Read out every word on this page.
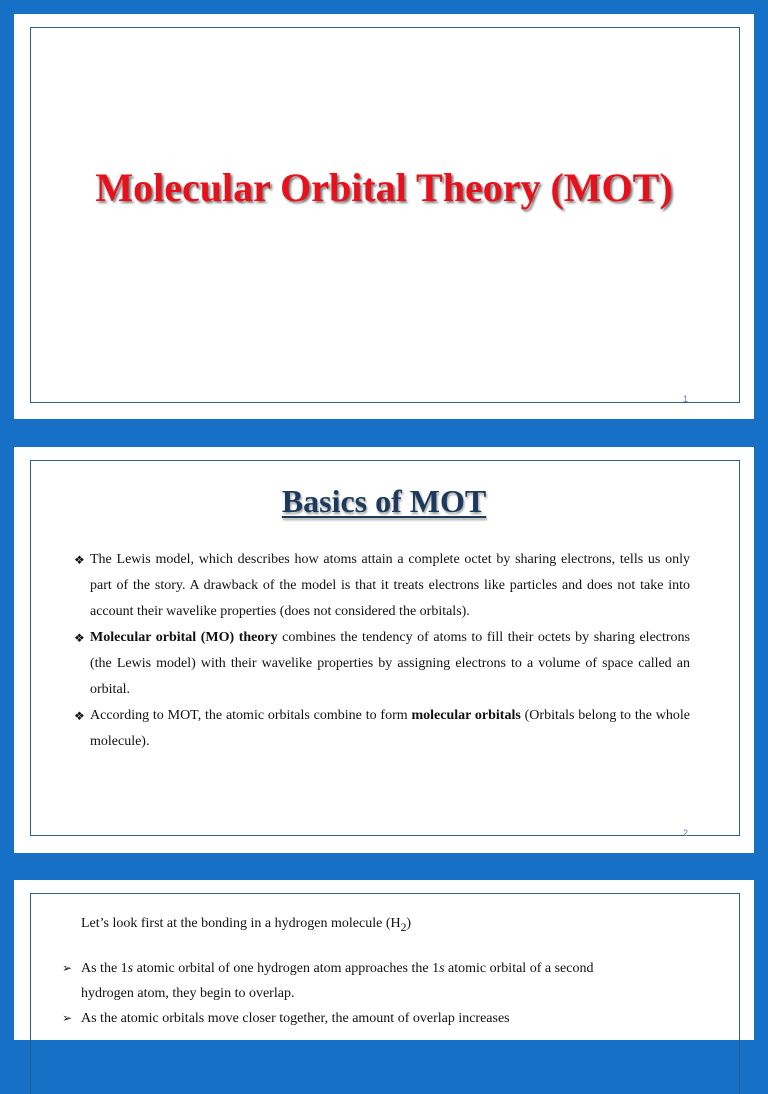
Molecular Orbital Theory (MOT)
1
Basics of MOT
❖ The Lewis model, which describes how atoms attain a complete octet by sharing electrons, tells us only part of the story. A drawback of the model is that it treats electrons like particles and does not take into account their wavelike properties (does not considered the orbitals).
❖ Molecular orbital (MO) theory combines the tendency of atoms to fill their octets by sharing electrons (the Lewis model) with their wavelike properties by assigning electrons to a volume of space called an orbital.
❖ According to MOT, the atomic orbitals combine to form molecular orbitals (Orbitals belong to the whole molecule).
2
Let’s look first at the bonding in a hydrogen molecule $(H_2)$
➢ As the 1s atomic orbital of one hydrogen atom approaches the 1s atomic orbital of a second hydrogen atom, they begin to overlap.
➢ As the atomic orbitals move closer together, the amount of overlap increases
